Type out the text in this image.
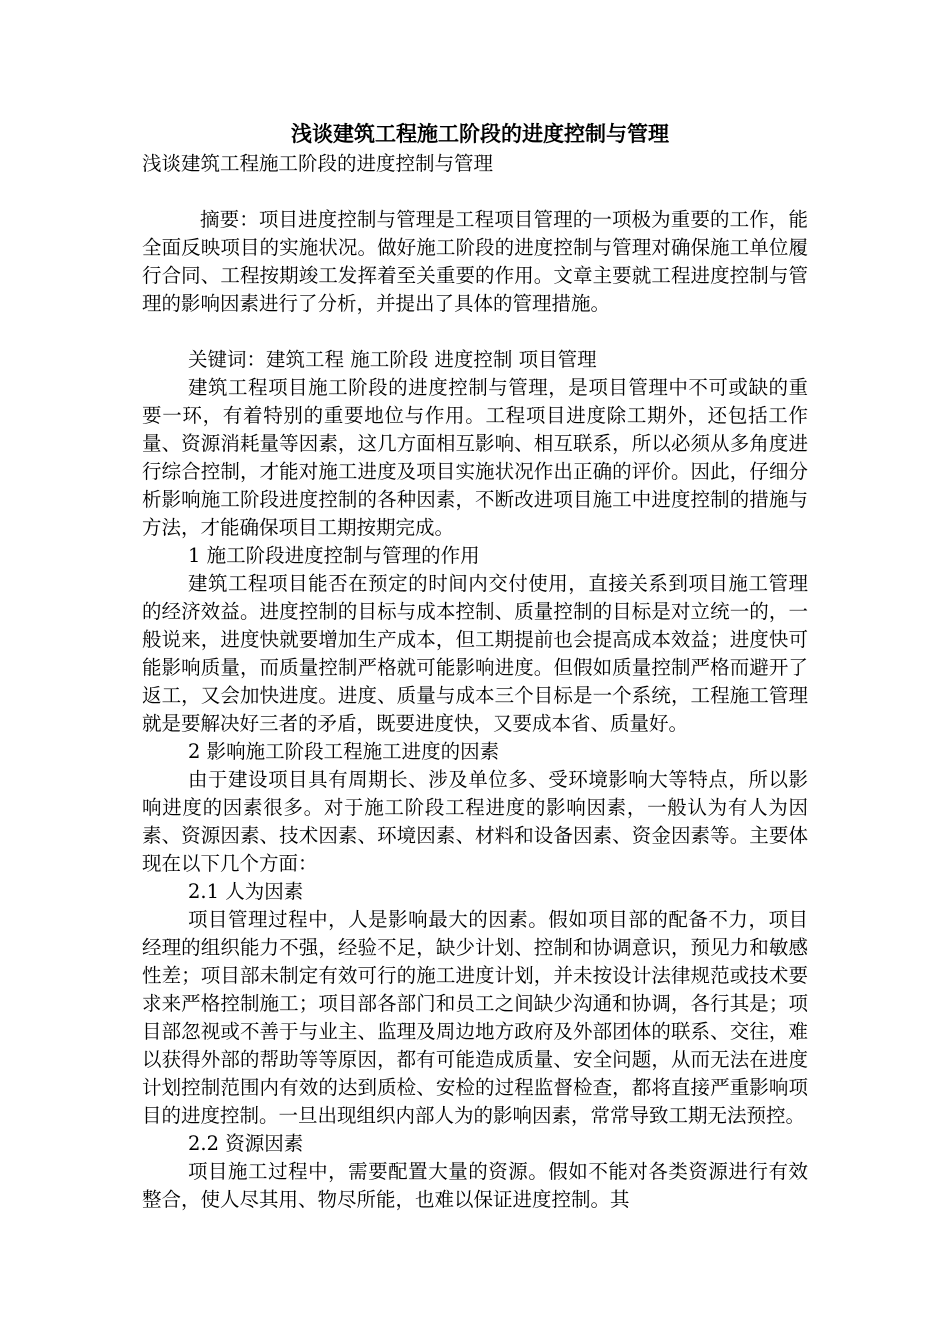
浅谈建筑工程施工阶段的进度控制与管理

浅谈建筑工程施工阶段的进度控制与管理

摘要：项目进度控制与管理是工程项目管理的一项极为重要的工作，能全面反映项目的实施状况。做好施工阶段的进度控制与管理对确保施工单位履行合同、工程按期竣工发挥着至关重要的作用。文章主要就工程进度控制与管理的影响因素进行了分析，并提出了具体的管理措施。

关键词：建筑工程 施工阶段 进度控制 项目管理

建筑工程项目施工阶段的进度控制与管理，是项目管理中不可或缺的重要一环，有着特别的重要地位与作用。工程项目进度除工期外，还包括工作量、资源消耗量等因素，这几方面相互影响、相互联系，所以必须从多角度进行综合控制，才能对施工进度及项目实施状况作出正确的评价。因此，仔细分析影响施工阶段进度控制的各种因素，不断改进项目施工中进度控制的措施与方法，才能确保项目工期按期完成。

1 施工阶段进度控制与管理的作用

建筑工程项目能否在预定的时间内交付使用，直接关系到项目施工管理的经济效益。进度控制的目标与成本控制、质量控制的目标是对立统一的，一般说来，进度快就要增加生产成本，但工期提前也会提高成本效益；进度快可能影响质量，而质量控制严格就可能影响进度。但假如质量控制严格而避开了返工，又会加快进度。进度、质量与成本三个目标是一个系统，工程施工管理就是要解决好三者的矛盾，既要进度快，又要成本省、质量好。

2 影响施工阶段工程施工进度的因素

由于建设项目具有周期长、涉及单位多、受环境影响大等特点，所以影响进度的因素很多。对于施工阶段工程进度的影响因素，一般认为有人为因素、资源因素、技术因素、环境因素、材料和设备因素、资金因素等。主要体现在以下几个方面：

2.1 人为因素

项目管理过程中，人是影响最大的因素。假如项目部的配备不力，项目经理的组织能力不强，经验不足，缺少计划、控制和协调意识，预见力和敏感性差；项目部未制定有效可行的施工进度计划，并未按设计法律规范或技术要求来严格控制施工；项目部各部门和员工之间缺少沟通和协调，各行其是；项目部忽视或不善于与业主、监理及周边地方政府及外部团体的联系、交往，难以获得外部的帮助等等原因，都有可能造成质量、安全问题，从而无法在进度计划控制范围内有效的达到质检、安检的过程监督检查，都将直接严重影响项目的进度控制。一旦出现组织内部人为的影响因素，常常导致工期无法预控。

2.2 资源因素

项目施工过程中，需要配置大量的资源。假如不能对各类资源进行有效整合，使人尽其用、物尽所能，也难以保证进度控制。其
